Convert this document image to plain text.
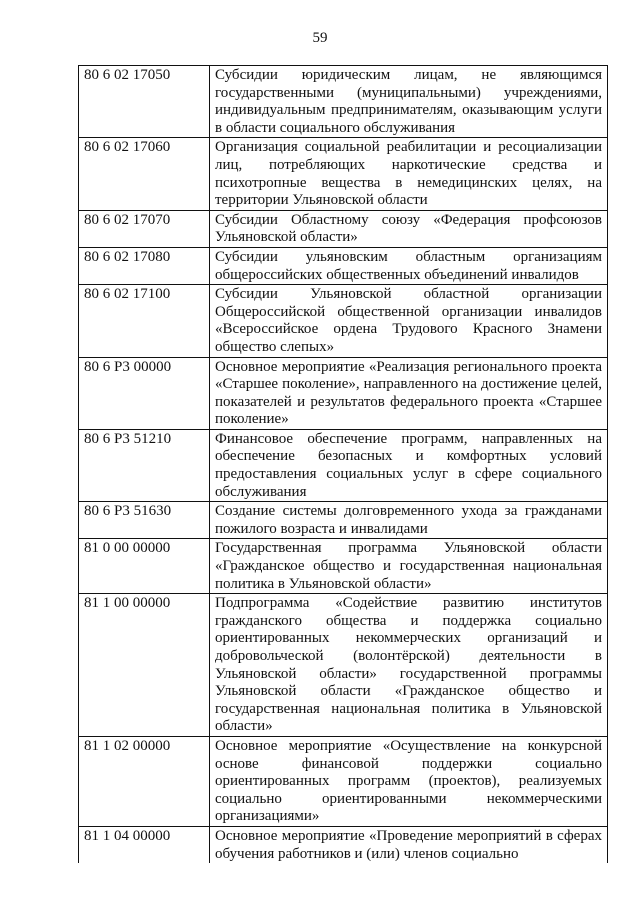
59
80 6 02 17050	Субсидии юридическим лицам, не являющимся государственными (муниципальными) учреждениями, индивидуальным предпринимателям, оказывающим услуги в области социального обслуживания
80 6 02 17060	Организация социальной реабилитации и ресоциализации лиц, потребляющих наркотические средства и психотропные вещества в немедицинских целях, на территории Ульяновской области
80 6 02 17070	Субсидии Областному союзу «Федерация профсоюзов Ульяновской области»
80 6 02 17080	Субсидии ульяновским областным организациям общероссийских общественных объединений инвалидов
80 6 02 17100	Субсидии Ульяновской областной организации Общероссийской общественной организации инвалидов «Всероссийское ордена Трудового Красного Знамени общество слепых»
80 6 Р3 00000	Основное мероприятие «Реализация регионального проекта «Старшее поколение», направленного на достижение целей, показателей и результатов федерального проекта «Старшее поколение»
80 6 Р3 51210	Финансовое обеспечение программ, направленных на обеспечение безопасных и комфортных условий предоставления социальных услуг в сфере социального обслуживания
80 6 Р3 51630	Создание системы долговременного ухода за гражданами пожилого возраста и инвалидами
81 0 00 00000	Государственная программа Ульяновской области «Гражданское общество и государственная национальная политика в Ульяновской области»
81 1 00 00000	Подпрограмма «Содействие развитию институтов гражданского общества и поддержка социально ориентированных некоммерческих организаций и добровольческой (волонтёрской) деятельности в Ульяновской области» государственной программы Ульяновской области «Гражданское общество и государственная национальная политика в Ульяновской области»
81 1 02 00000	Основное мероприятие «Осуществление на конкурсной основе финансовой поддержки социально ориентированных программ (проектов), реализуемых социально ориентированными некоммерческими организациями»
81 1 04 00000	Основное мероприятие «Проведение мероприятий в сферах обучения работников и (или) членов социально
